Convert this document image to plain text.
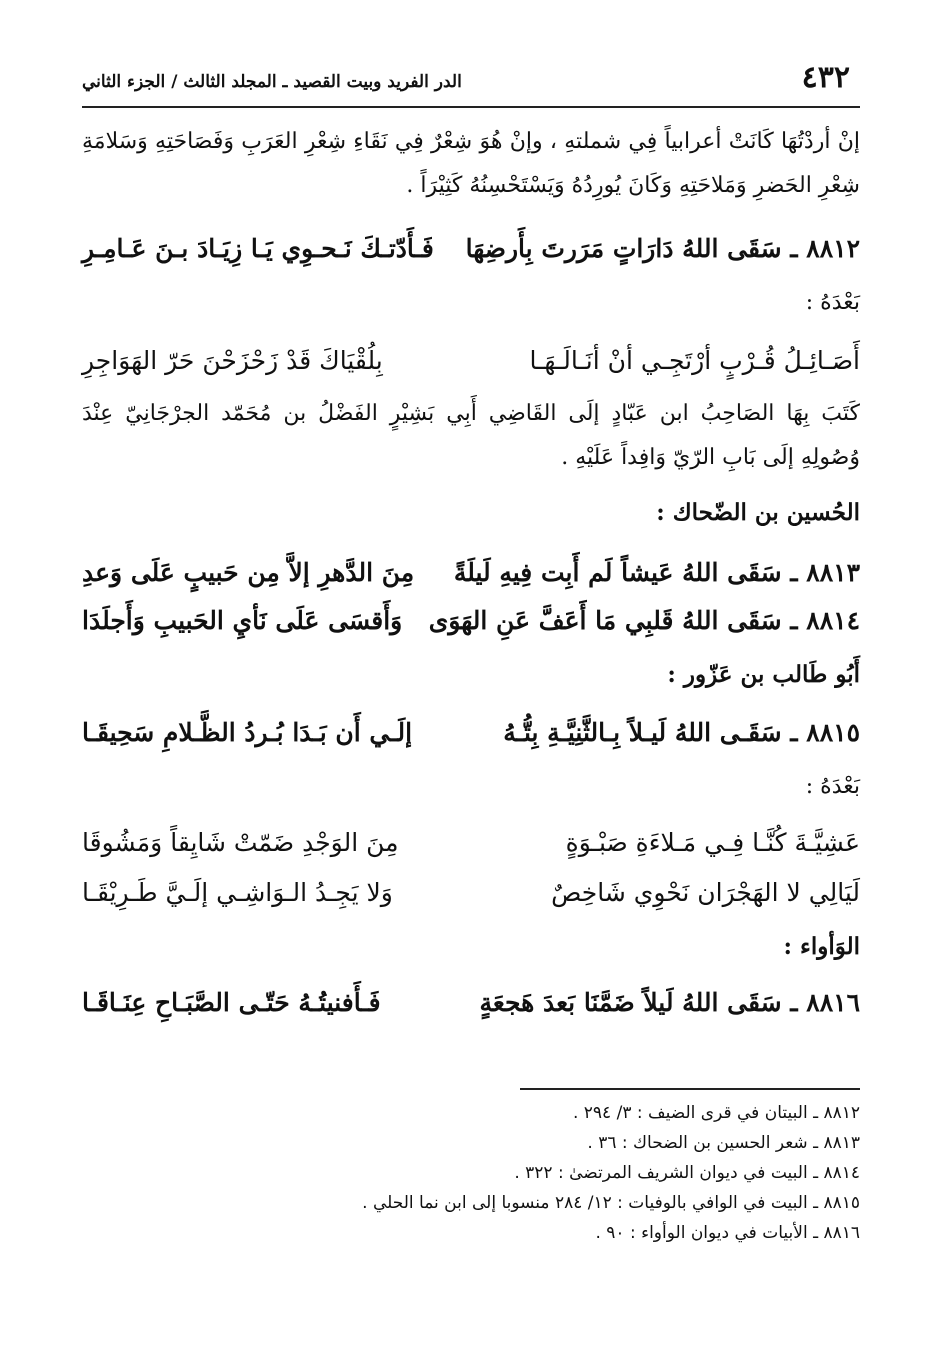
٤٣٢
الدر الفريد وبيت القصيد ـ المجلد الثالث / الجزء الثاني

إنْ أردْتُهَا كَانَتْ أعرابياً فِي شملتهِ ، وإنْ هُوَ شِعْرٌ فِي نَقَاءِ شِعْرِ العَرَبِ وَفَصَاحَتِهِ وَسَلامَةِ شِعْرِ الحَضرِ وَمَلاحَتِهِ وَكَانَ يُورِدُهُ وَيَسْتَحْسِنُهُ كَثِيْرَاً .

٨٨١٢ ـ سَقَى اللهُ دَارَاتٍ مَرَرتَ بِأَرضِهَا
فَـأَدّتـكَ نَـحـوِي يَـا زِيَـادَ بـنَ عَـامِـرِ

بَعْدَهُ :

أَصَـائِـلُ قُـرْبٍ أرْتَجِـي أنْ أنَـالَـهَـا
بِلُقْيَاكَ قَدْ زَحْزَحْنَ حَرّ الهَوَاجِرِ

كَتَبَ بِهَا الصَاحِبُ ابن عَبّادٍ إلَى القَاضِي أَبِي بَشِيْرٍ الفَضْلُ بن مُحَمّد الجرْجَانِيّ عِنْدَ وُصُولِهِ إلَى بَابِ الرّيّ وَافِداً عَلَيْهِ .

الحُسين بن الضّحاك :

٨٨١٣ ـ سَقَى اللهُ عَيشاً لَم أَبِت فِيهِ لَيلَةً
مِنَ الدَّهرِ إلاَّ مِن حَبيبٍ عَلَى وَعدِ
٨٨١٤ ـ سَقَى اللهُ قَلبِي مَا أَعَفَّ عَنِ الهَوَى
وَأَقسَى عَلَى نَأيِ الحَبيبِ وَأَجلَدَا

أَبُو طَالب بن عَزّور :

٨٨١٥ ـ سَقَـى اللهُ لَيـلاً بِـالثَّنِيَّـةِ بِتُّـهُ
إلَـي أَن بَـدَا بُـردُ الظَّـلامِ سَحِيقَـا

بَعْدَهُ :

عَشِيَّـةَ كُنَّـا فِـي مَـلاءَةِ صَبْـوَةٍ
مِنَ الوَجْدِ ضَمّتْ شَايِقاً وَمَشُوقَا
لَيَالِي لا الهَجْرَان نَحْوِي شَاخِصٌ
وَلا يَجِـدُ الـوَاشِـي إلَـيَّ طَـرِيْقَـا

الوَأواء :

٨٨١٦ ـ سَقَى اللهُ لَيلاً ضَمَّنَا بَعدَ هَجعَةٍ
فَـأَفنيتُـهُ حَتّـى الصَّبَـاحِ عِنَـاقَـا

٨٨١٢ ـ البيتان في قرى الضيف : ٣/ ٢٩٤ .

٨٨١٣ ـ شعر الحسين بن الضحاك : ٣٦ .

٨٨١٤ ـ البيت في ديوان الشريف المرتضىٰ : ٣٢٢ .

٨٨١٥ ـ البيت في الوافي بالوفيات : ١٢/ ٢٨٤ منسوبا إلى ابن نما الحلي .

٨٨١٦ ـ الأبيات في ديوان الوأواء : ٩٠ .
